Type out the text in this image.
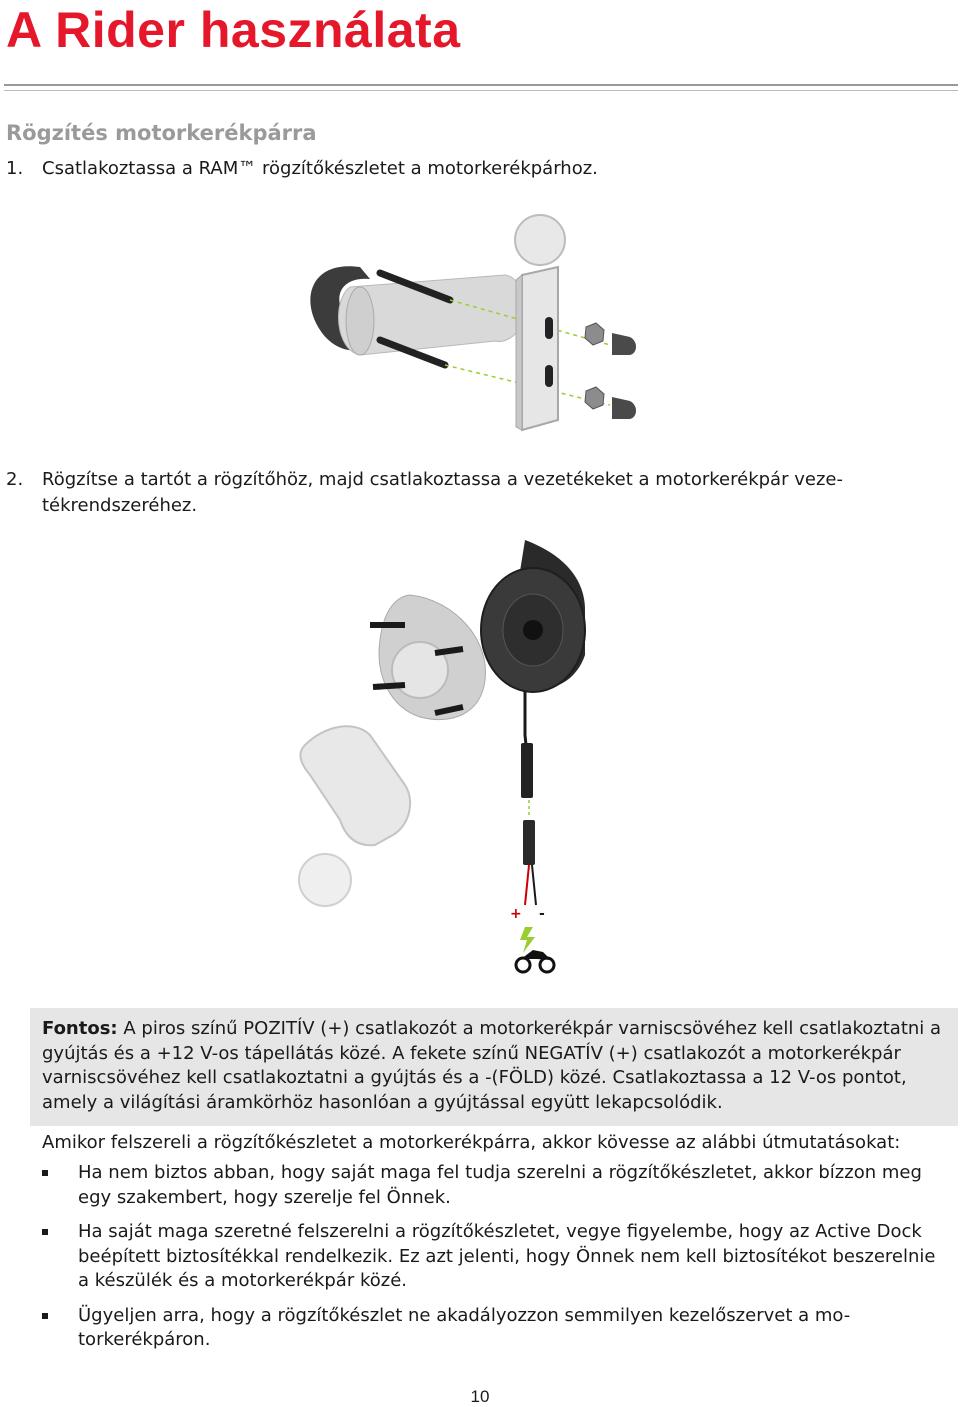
A Rider használata
Rögzítés motorkerékpárra
1. Csatlakoztassa a RAM™ rögzítőkészletet a motorkerékpárhoz.
2. Rögzítse a tartót a rögzítőhöz, majd csatlakoztassa a vezetékeket a motorkerékpár veze-tékrendszeréhez.
+ -

Fontos: A piros színű POZITÍV (+) csatlakozót a motorkerékpár varniscsövéhez kell csatlakoztatni a gyújtás és a +12 V-os tápellátás közé. A fekete színű NEGATÍV (+) csatlakozót a motorkerékpár varniscsövéhez kell csatlakoztatni a gyújtás és a -(FÖLD) közé. Csatlakoztassa a 12 V-os pontot, amely a világítási áramkörhöz hasonlóan a gyújtással együtt lekapcsolódik.

Amikor felszereli a rögzítőkészletet a motorkerékpárra, akkor kövesse az alábbi útmutatásokat:

Ha nem biztos abban, hogy saját maga fel tudja szerelni a rögzítőkészletet, akkor bízzon meg egy szakembert, hogy szerelje fel Önnek.
Ha saját maga szeretné felszerelni a rögzítőkészletet, vegye figyelembe, hogy az Active Dock beépített biztosítékkal rendelkezik. Ez azt jelenti, hogy Önnek nem kell biztosítékot beszerelnie a készülék és a motorkerékpár közé.
Ügyeljen arra, hogy a rögzítőkészlet ne akadályozzon semmilyen kezelőszervet a mo-torkerékpáron.
10
